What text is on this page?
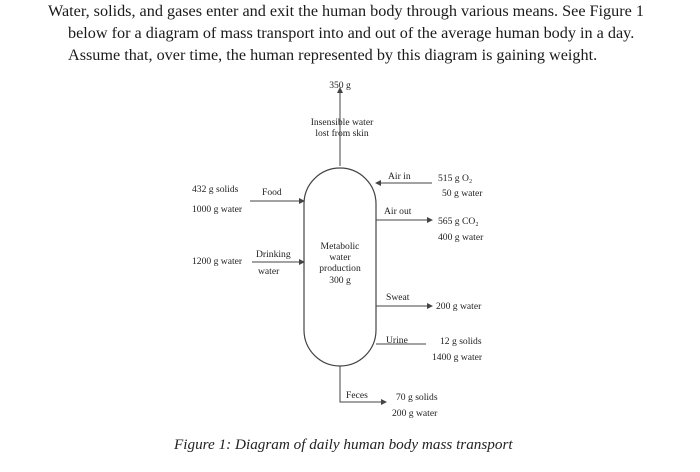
Water, solids, and gases enter and exit the human body through various means. See Figure 1
below for a diagram of mass transport into and out of the average human body in a day.
Assume that, over time, the human represented by this diagram is gaining weight.
350 g
Insensible water
lost from skin
Air in	515 g O₂
50 g water
Food
432 g solids
1000 g water	Air out
565 g CO₂
400 g water
Drinking
water
1200 g water
Metabolic
water
production
300 g
Sweat
200 g water
Urine	12 g solids
1400 g water
Feces	70 g solids
200 g water
Figure 1: Diagram of daily human body mass transport
